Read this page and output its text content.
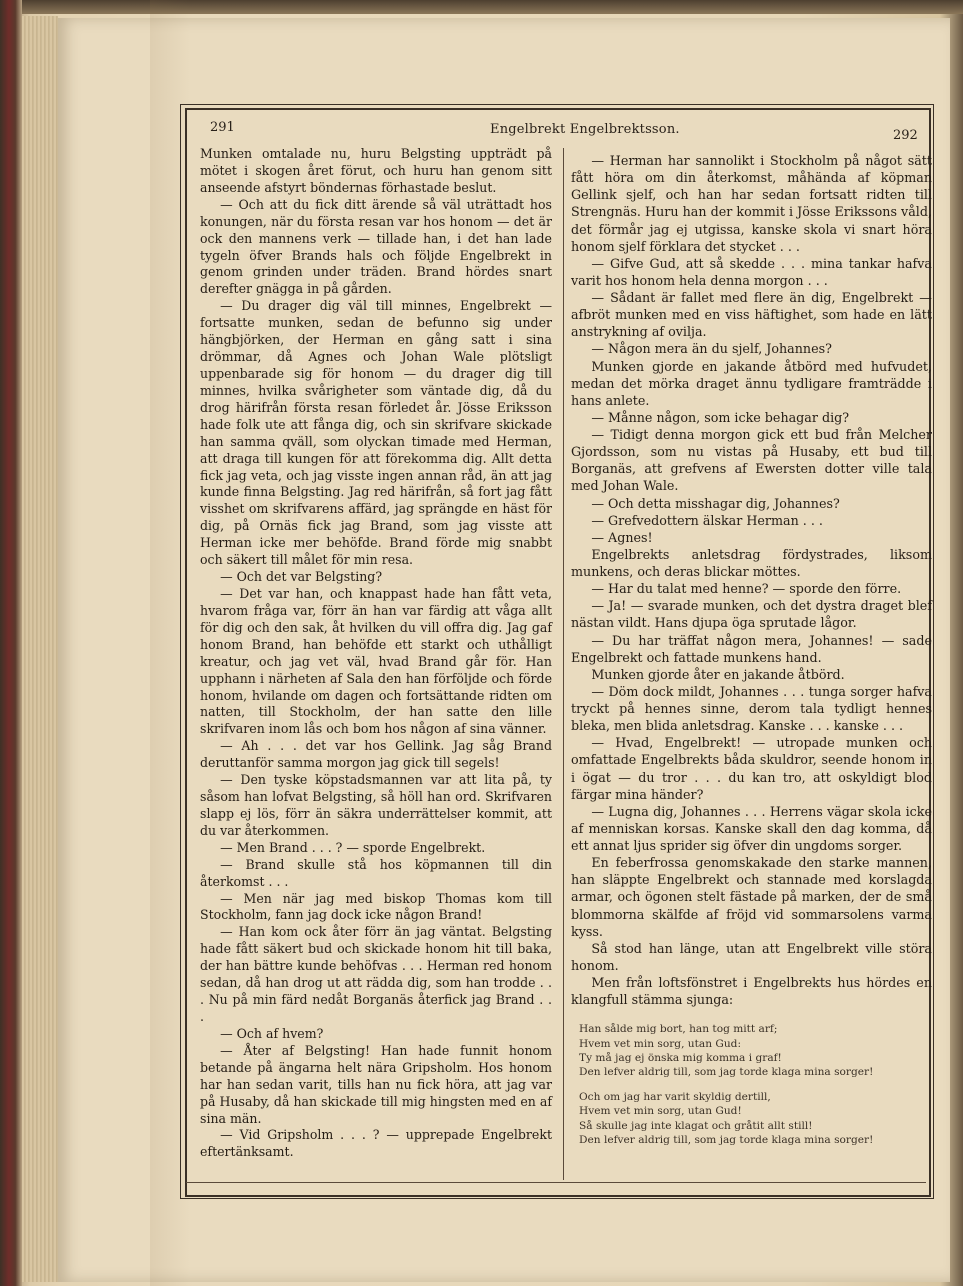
291	Engelbrekt Engelbrektsson.	292

Munken omtalade nu, huru Belgsting uppträdt på mötet i skogen året förut, och huru han genom sitt anseende afstyrt böndernas förhastade beslut.

— Och att du fick ditt ärende så väl uträttadt hos konungen, när du första resan var hos honom — det är ock den mannens verk — tillade han, i det han lade tygeln öfver Brands hals och följde Engelbrekt in genom grinden under träden. Brand hördes snart derefter gnägga in på gården.

— Du drager dig väl till minnes, Engelbrekt — fortsatte munken, sedan de befunno sig under hängbjörken, der Herman en gång satt i sina drömmar, då Agnes och Johan Wale plötsligt uppenbarade sig för honom — du drager dig till minnes, hvilka svårigheter som väntade dig, då du drog härifrån första resan förledet år. Jösse Eriksson hade folk ute att fånga dig, och sin skrifvare skickade han samma qväll, som olyckan timade med Herman, att draga till kungen för att förekomma dig. Allt detta fick jag veta, och jag visste ingen annan råd, än att jag kunde finna Belgsting. Jag red härifrån, så fort jag fått visshet om skrifvarens affärd, jag sprängde en häst för dig, på Ornäs fick jag Brand, som jag visste att Herman icke mer behöfde. Brand förde mig snabbt och säkert till målet för min resa.

— Och det var Belgsting?

— Det var han, och knappast hade han fått veta, hvarom fråga var, förr än han var färdig att våga allt för dig och den sak, åt hvilken du vill offra dig. Jag gaf honom Brand, han behöfde ett starkt och uthålligt kreatur, och jag vet väl, hvad Brand går för. Han upphann i närheten af Sala den han förföljde och förde honom, hvilande om dagen och fortsättande ridten om natten, till Stockholm, der han satte den lille skrifvaren inom lås och bom hos någon af sina vänner.

— Ah . . . det var hos Gellink. Jag såg Brand deruttanför samma morgon jag gick till segels!

— Den tyske köpstadsmannen var att lita på, ty såsom han lofvat Belgsting, så höll han ord. Skrifvaren slapp ej lös, förr än säkra underrättelser kommit, att du var återkommen.

— Men Brand . . . ? — sporde Engelbrekt.

— Brand skulle stå hos köpmannen till din återkomst . . .

— Men när jag med biskop Thomas kom till Stockholm, fann jag dock icke någon Brand!

— Han kom ock åter förr än jag väntat. Belgsting hade fått säkert bud och skickade honom hit till baka, der han bättre kunde behöfvas . . . Herman red honom sedan, då han drog ut att rädda dig, som han trodde . . . Nu på min färd nedåt Borganäs återfick jag Brand . . .

— Och af hvem?

— Åter af Belgsting! Han hade funnit honom betande på ängarna helt nära Gripsholm. Hos honom har han sedan varit, tills han nu fick höra, att jag var på Husaby, då han skickade till mig hingsten med en af sina män.

— Vid Gripsholm . . . ? — upprepade Engelbrekt eftertänksamt.

— Herman har sannolikt i Stockholm på något sätt fått höra om din återkomst, måhända af köpman Gellink sjelf, och han har sedan fortsatt ridten till Strengnäs. Huru han der kommit i Jösse Erikssons våld, det förmår jag ej utgissa, kanske skola vi snart höra honom sjelf förklara det stycket . . .

— Gifve Gud, att så skedde . . . mina tankar hafva varit hos honom hela denna morgon . . .

— Sådant är fallet med flere än dig, Engelbrekt — afbröt munken med en viss häftighet, som hade en lätt anstrykning af ovilja.

— Någon mera än du sjelf, Johannes?

Munken gjorde en jakande åtbörd med hufvudet, medan det mörka draget ännu tydligare framträdde i hans anlete.

— Månne någon, som icke behagar dig?

— Tidigt denna morgon gick ett bud från Melcher Gjordsson, som nu vistas på Husaby, ett bud till Borganäs, att grefvens af Ewersten dotter ville tala med Johan Wale.

— Och detta misshagar dig, Johannes?

— Grefvedottern älskar Herman . . .

— Agnes!

Engelbrekts anletsdrag fördystrades, liksom munkens, och deras blickar möttes.

— Har du talat med henne? — sporde den förre.

— Ja! — svarade munken, och det dystra draget blef nästan vildt. Hans djupa öga sprutade lågor.

— Du har träffat någon mera, Johannes! — sade Engelbrekt och fattade munkens hand.

Munken gjorde åter en jakande åtbörd.

— Döm dock mildt, Johannes . . . tunga sorger hafva tryckt på hennes sinne, derom tala tydligt hennes bleka, men blida anletsdrag. Kanske . . . kanske . . .

— Hvad, Engelbrekt! — utropade munken och omfattade Engelbrekts båda skuldror, seende honom in i ögat — du tror . . . du kan tro, att oskyldigt blod färgar mina händer?

— Lugna dig, Johannes . . . Herrens vägar skola icke af menniskan korsas. Kanske skall den dag komma, då ett annat ljus sprider sig öfver din ungdoms sorger.

En feberfrossa genomskakade den starke mannen, han släppte Engelbrekt och stannade med korslagda armar, och ögonen stelt fästade på marken, der de små blommorna skälfde af fröjd vid sommarsolens varma kyss.

Så stod han länge, utan att Engelbrekt ville störa honom.

Men från loftsfönstret i Engelbrekts hus hördes en klangfull stämma sjunga:

Han sålde mig bort, han tog mitt arf;
Hvem vet min sorg, utan Gud:
Ty må jag ej önska mig komma i graf!
Den lefver aldrig till, som jag torde klaga mina sorger!
Och om jag har varit skyldig dertill,
Hvem vet min sorg, utan Gud!
Så skulle jag inte klagat och gråtit allt still!
Den lefver aldrig till, som jag torde klaga mina sorger!
